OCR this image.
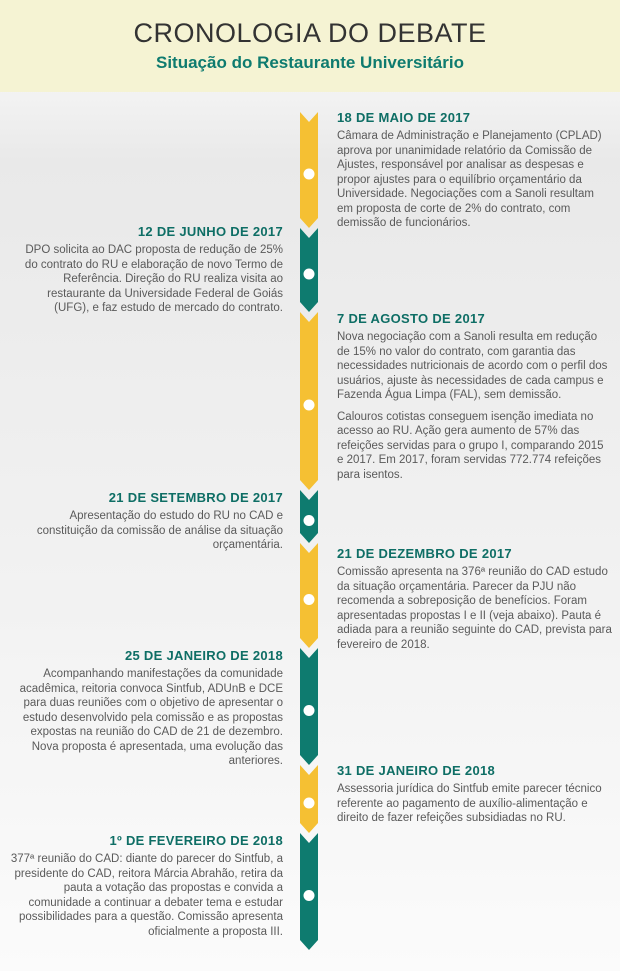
CRONOLOGIA DO DEBATE
Situação do Restaurante Universitário
18 DE MAIO DE 2017

Câmara de Administração e Planejamento (CPLAD) aprova por unanimidade relatório da Comissão de Ajustes, responsável por analisar as despesas e propor ajustes para o equilíbrio orçamentário da Universidade. Negociações com a Sanoli resultam em proposta de corte de 2% do contrato, com demissão de funcionários.

12 DE JUNHO DE 2017

DPO solicita ao DAC proposta de redução de 25% do contrato do RU e elaboração de novo Termo de Referência. Direção do RU realiza visita ao restaurante da Universidade Federal de Goiás (UFG), e faz estudo de mercado do contrato.

7 DE AGOSTO DE 2017

Nova negociação com a Sanoli resulta em redução de 15% no valor do contrato, com garantia das necessidades nutricionais de acordo com o perfil dos usuários, ajuste às necessidades de cada campus e Fazenda Água Limpa (FAL), sem demissão.

Calouros cotistas conseguem isenção imediata no acesso ao RU. Ação gera aumento de 57% das refeições servidas para o grupo I, comparando 2015 e 2017. Em 2017, foram servidas 772.774 refeições para isentos.

21 DE SETEMBRO DE 2017

Apresentação do estudo do RU no CAD e constituição da comissão de análise da situação orçamentária.

21 DE DEZEMBRO DE 2017

Comissão apresenta na 376ª reunião do CAD estudo da situação orçamentária. Parecer da PJU não recomenda a sobreposição de benefícios. Foram apresentadas propostas I e II (veja abaixo). Pauta é adiada para a reunião seguinte do CAD, prevista para fevereiro de 2018.

25 DE JANEIRO DE 2018

Acompanhando manifestações da comunidade acadêmica, reitoria convoca Sintfub, ADUnB e DCE para duas reuniões com o objetivo de apresentar o estudo desenvolvido pela comissão e as propostas expostas na reunião do CAD de 21 de dezembro. Nova proposta é apresentada, uma evolução das anteriores.

31 DE JANEIRO DE 2018

Assessoria jurídica do Sintfub emite parecer técnico referente ao pagamento de auxílio-alimentação e direito de fazer refeições subsidiadas no RU.

1º DE FEVEREIRO DE 2018

377ª reunião do CAD: diante do parecer do Sintfub, a presidente do CAD, reitora Márcia Abrahão, retira da pauta a votação das propostas e convida a comunidade a continuar a debater tema e estudar possibilidades para a questão. Comissão apresenta oficialmente a proposta III.
